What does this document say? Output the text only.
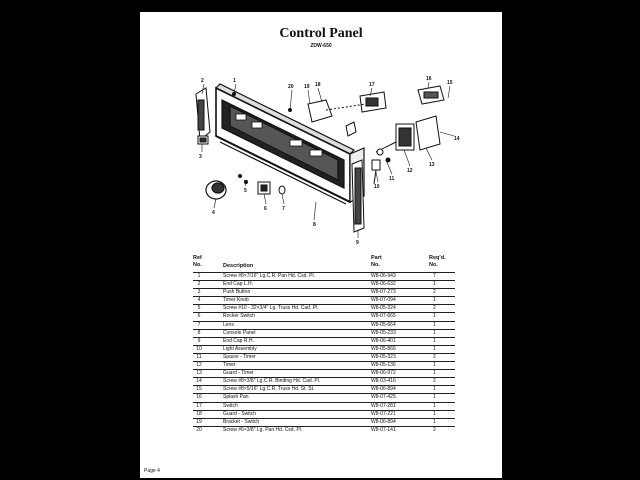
Control Panel
ZDW-650
1
2
3
4
5
6	7
8
9
10
11
12
13
14
15
16
17
18
19
20
Ref
No.	Description
Part
No.
Req'd.
No.
1	Screw #8×7/16" Lg.C.R. Pan Hd. Csd. Pl.	W8-06-943	7
2	End Cap L.H.	W8-06-632	1
3	Push Button	W8-07-273	2
4	Timer Knob	W8-07-094	1
5	Screw #10 - 32×3/4" Lg. Truss Hd. Cad. Pl.	W8-05-324	2
6	Rocker Switch	W8-07-665	1
7	Lens	W8-05-664	1
8	Console Panel	W8-05-233	1
9	End Cap R.H.	W8-06-401	1
10	Light Assembly	W8-05-866	1
11	Spacer - Timer	W8-05-323	2
12	Timer	W8-05-136	1
13	Guard - Timer	W8-06-972	1
14	Screw #8×3/8" Lg.C.R. Binding Hd. Cad. Pl.	W8-03-416	2
15	Screw #8×5/16" Lg.C.R. Truss Hd. St. St.	W8-06-894	1
16	Splash Pan	W8-07-425	1
17	Switch	W8-07-281	1
18	Guard - Switch	W8-07-221	1
19	Bracket - Switch	W8-06-894	1
20	Screw #6×3/8" Lg. Pan Hd. Csd. Pl.	W8-07-141	2
Page 4
